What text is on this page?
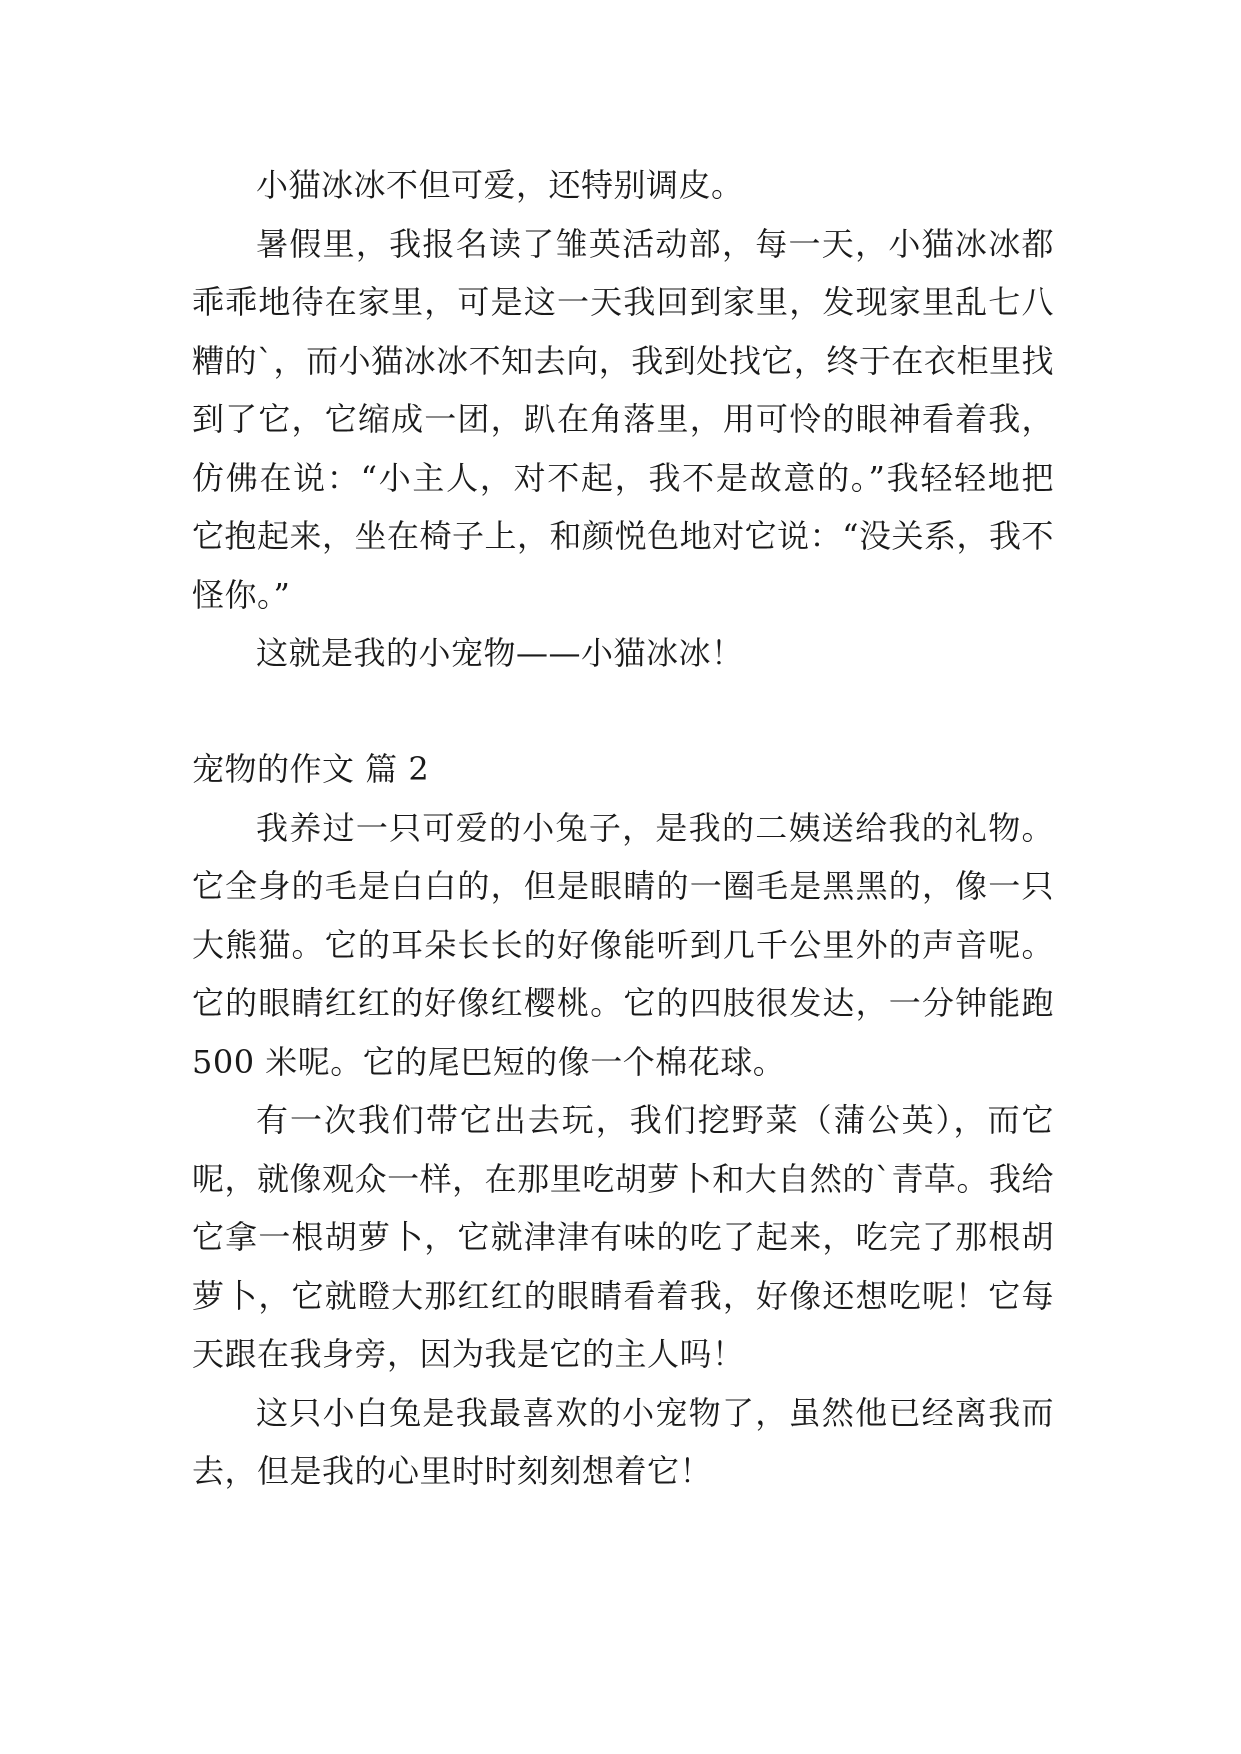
小猫冰冰不但可爱，还特别调皮。

暑假里，我报名读了雏英活动部，每一天，小猫冰冰都乖乖地待在家里，可是这一天我回到家里，发现家里乱七八糟的`，而小猫冰冰不知去向，我到处找它，终于在衣柜里找到了它，它缩成一团，趴在角落里，用可怜的眼神看着我，仿佛在说：“小主人，对不起，我不是故意的。”我轻轻地把它抱起来，坐在椅子上，和颜悦色地对它说：“没关系，我不怪你。”

这就是我的小宠物——小猫冰冰！

宠物的作文 篇 2

我养过一只可爱的小兔子，是我的二姨送给我的礼物。它全身的毛是白白的，但是眼睛的一圈毛是黑黑的，像一只大熊猫。它的耳朵长长的好像能听到几千公里外的声音呢。它的眼睛红红的好像红樱桃。它的四肢很发达，一分钟能跑 500 米呢。它的尾巴短的像一个棉花球。

有一次我们带它出去玩，我们挖野菜（蒲公英），而它呢，就像观众一样，在那里吃胡萝卜和大自然的`青草。我给它拿一根胡萝卜，它就津津有味的吃了起来，吃完了那根胡萝卜，它就瞪大那红红的眼睛看着我，好像还想吃呢！它每天跟在我身旁，因为我是它的主人吗！

这只小白兔是我最喜欢的小宠物了，虽然他已经离我而去，但是我的心里时时刻刻想着它！
